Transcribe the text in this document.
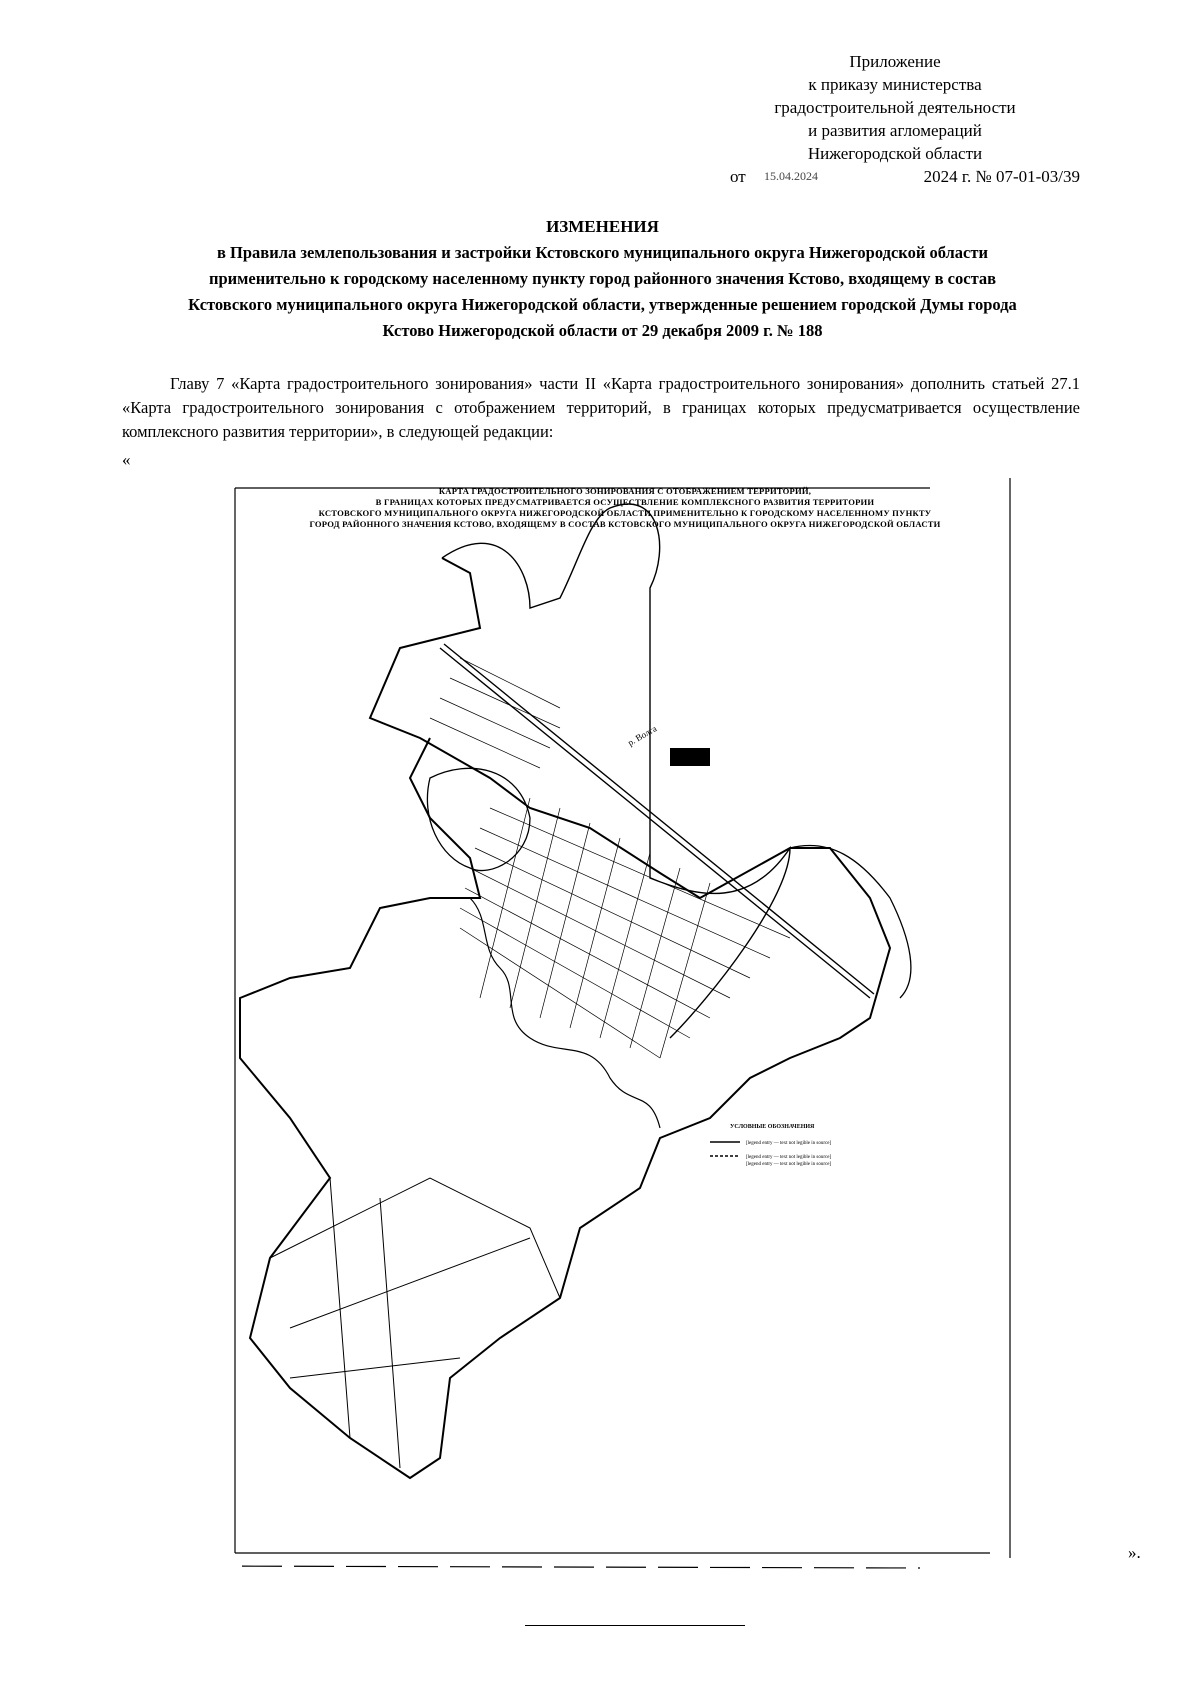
Приложение
к приказу министерства
градостроительной деятельности
и развития агломераций
Нижегородской области
от 15.04.2024	2024 г. № 07-01-03/39
ИЗМЕНЕНИЯ
в Правила землепользования и застройки Кстовского муниципального округа Нижегородской области
применительно к городскому населенному пункту город районного значения Кстово, входящему в состав
Кстовского муниципального округа Нижегородской области, утвержденные решением городской Думы города
Кстово Нижегородской области от 29 декабря 2009 г. № 188
Главу 7 «Карта градостроительного зонирования» части II «Карта градостроительного зонирования» дополнить статьей 27.1 «Карта градостроительного зонирования с отображением территорий, в границах которых предусматривается осуществление комплексного развития территории», в следующей редакции:
«
КАРТА ГРАДОСТРОИТЕЛЬНОГО ЗОНИРОВАНИЯ С ОТОБРАЖЕНИЕМ ТЕРРИТОРИЙ,
В ГРАНИЦАХ КОТОРЫХ ПРЕДУСМАТРИВАЕТСЯ ОСУЩЕСТВЛЕНИЕ КОМПЛЕКСНОГО РАЗВИТИЯ ТЕРРИТОРИИ
КСТОВСКОГО МУНИЦИПАЛЬНОГО ОКРУГА НИЖЕГОРОДСКОЙ ОБЛАСТИ ПРИМЕНИТЕЛЬНО К ГОРОДСКОМУ НАСЕЛЕННОМУ ПУНКТУ
ГОРОД РАЙОННОГО ЗНАЧЕНИЯ КСТОВО, ВХОДЯЩЕМУ В СОСТАВ КСТОВСКОГО МУНИЦИПАЛЬНОГО ОКРУГА НИЖЕГОРОДСКОЙ ОБЛАСТИ
р. Волга
УСЛОВНЫЕ ОБОЗНАЧЕНИЯ
[legend entry — text not legible in source]
[legend entry — text not legible in source]
[legend entry — text not legible in source]
».
